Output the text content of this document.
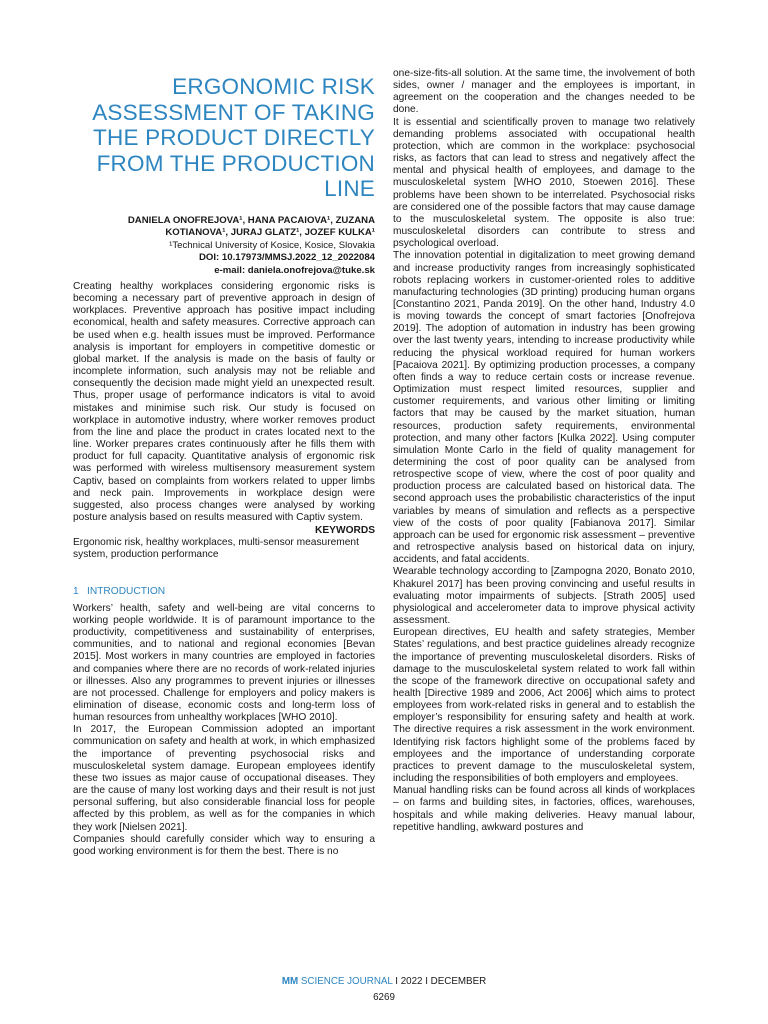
ERGONOMIC RISK ASSESSMENT OF TAKING THE PRODUCT DIRECTLY FROM THE PRODUCTION LINE
DANIELA ONOFREJOVA¹, HANA PACAIOVA¹, ZUZANA KOTIANOVA¹, JURAJ GLATZ¹, JOZEF KULKA¹
¹Technical University of Kosice, Kosice, Slovakia
DOI: 10.17973/MMSJ.2022_12_2022084
e-mail: daniela.onofrejova@tuke.sk

Creating healthy workplaces considering ergonomic risks is becoming a necessary part of preventive approach in design of workplaces. Preventive approach has positive impact including economical, health and safety measures. Corrective approach can be used when e.g. health issues must be improved. Performance analysis is important for employers in competitive domestic or global market. If the analysis is made on the basis of faulty or incomplete information, such analysis may not be reliable and consequently the decision made might yield an unexpected result. Thus, proper usage of performance indicators is vital to avoid mistakes and minimise such risk. Our study is focused on workplace in automotive industry, where worker removes product from the line and place the product in crates located next to the line. Worker prepares crates continuously after he fills them with product for full capacity. Quantitative analysis of ergonomic risk was performed with wireless multisensory measurement system Captiv, based on complaints from workers related to upper limbs and neck pain. Improvements in workplace design were suggested, also process changes were analysed by working posture analysis based on results measured with Captiv system.

KEYWORDS

Ergonomic risk, healthy workplaces, multi-sensor measurement system, production performance

1 INTRODUCTION

Workers’ health, safety and well-being are vital concerns to working people worldwide. It is of paramount importance to the productivity, competitiveness and sustainability of enterprises, communities, and to national and regional economies [Bevan 2015]. Most workers in many countries are employed in factories and companies where there are no records of work-related injuries or illnesses. Also any programmes to prevent injuries or illnesses are not processed. Challenge for employers and policy makers is elimination of disease, economic costs and long-term loss of human resources from unhealthy workplaces [WHO 2010].

In 2017, the European Commission adopted an important communication on safety and health at work, in which emphasized the importance of preventing psychosocial risks and musculoskeletal system damage. European employees identify these two issues as major cause of occupational diseases. They are the cause of many lost working days and their result is not just personal suffering, but also considerable financial loss for people affected by this problem, as well as for the companies in which they work [Nielsen 2021].

Companies should carefully consider which way to ensuring a good working environment is for them the best. There is no

one-size-fits-all solution. At the same time, the involvement of both sides, owner / manager and the employees is important, in agreement on the cooperation and the changes needed to be done.

It is essential and scientifically proven to manage two relatively demanding problems associated with occupational health protection, which are common in the workplace: psychosocial risks, as factors that can lead to stress and negatively affect the mental and physical health of employees, and damage to the musculoskeletal system [WHO 2010, Stoewen 2016]. These problems have been shown to be interrelated. Psychosocial risks are considered one of the possible factors that may cause damage to the musculoskeletal system. The opposite is also true: musculoskeletal disorders can contribute to stress and psychological overload.

The innovation potential in digitalization to meet growing demand and increase productivity ranges from increasingly sophisticated robots replacing workers in customer-oriented roles to additive manufacturing technologies (3D printing) producing human organs [Constantino 2021, Panda 2019]. On the other hand, Industry 4.0 is moving towards the concept of smart factories [Onofrejova 2019]. The adoption of automation in industry has been growing over the last twenty years, intending to increase productivity while reducing the physical workload required for human workers [Pacaiova 2021]. By optimizing production processes, a company often finds a way to reduce certain costs or increase revenue. Optimization must respect limited resources, supplier and customer requirements, and various other limiting or limiting factors that may be caused by the market situation, human resources, production safety requirements, environmental protection, and many other factors [Kulka 2022]. Using computer simulation Monte Carlo in the field of quality management for determining the cost of poor quality can be analysed from retrospective scope of view, where the cost of poor quality and production process are calculated based on historical data. The second approach uses the probabilistic characteristics of the input variables by means of simulation and reflects as a perspective view of the costs of poor quality [Fabianova 2017]. Similar approach can be used for ergonomic risk assessment – preventive and retrospective analysis based on historical data on injury, accidents, and fatal accidents.

Wearable technology according to [Zampogna 2020, Bonato 2010, Khakurel 2017] has been proving convincing and useful results in evaluating motor impairments of subjects. [Strath 2005] used physiological and accelerometer data to improve physical activity assessment.

European directives, EU health and safety strategies, Member States’ regulations, and best practice guidelines already recognize the importance of preventing musculoskeletal disorders. Risks of damage to the musculoskeletal system related to work fall within the scope of the framework directive on occupational safety and health [Directive 1989 and 2006, Act 2006] which aims to protect employees from work-related risks in general and to establish the employer’s responsibility for ensuring safety and health at work. The directive requires a risk assessment in the work environment. Identifying risk factors highlight some of the problems faced by employees and the importance of understanding corporate practices to prevent damage to the musculoskeletal system, including the responsibilities of both employers and employees.

Manual handling risks can be found across all kinds of workplaces – on farms and building sites, in factories, offices, warehouses, hospitals and while making deliveries. Heavy manual labour, repetitive handling, awkward postures and

MM SCIENCE JOURNAL I 2022 I DECEMBER
6269
